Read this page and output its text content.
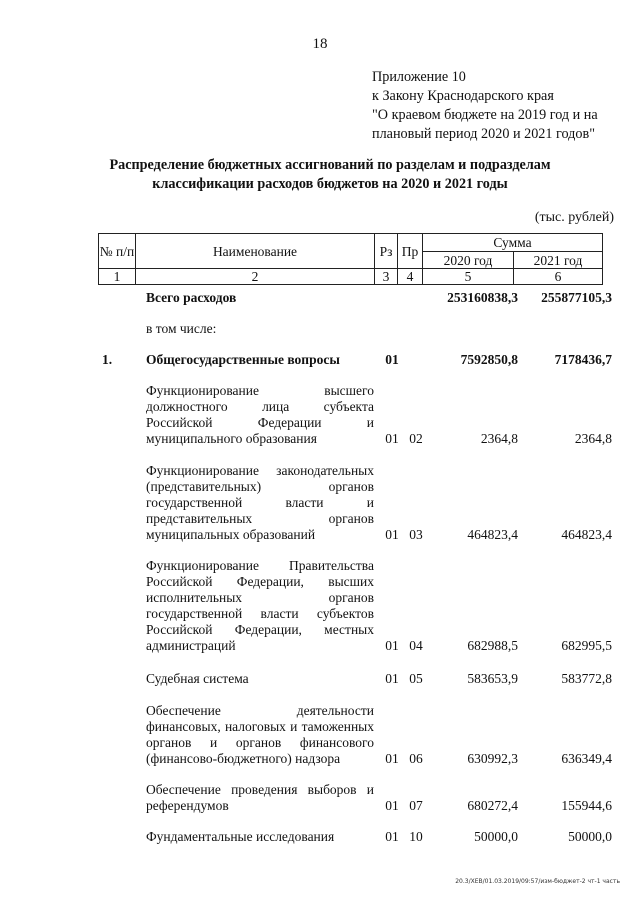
18
Приложение 10
к Закону Краснодарского края
"О краевом бюджете на 2019 год и на
плановый период 2020 и 2021 годов"
Распределение бюджетных ассигнований по разделам и подразделам
классификации расходов бюджетов на 2020 и 2021 годы
(тыс. рублей)
№ п/п	Наименование	Рз	Пр	Сумма	
				2020 год	2021 год
1	2	3	4	5	6
Всего расходов	253160838,3	255877105,3
в том числе:
1.	Общегосударственные вопросы	01	7592850,8	7178436,7
Функционирование высшего должностного лица субъекта Российской Федерации и муниципального образования	01 02	2364,8	2364,8
Функционирование законодательных (представительных) органов государственной власти и представительных органов муниципальных образований	01 03	464823,4	464823,4
Функционирование Правительства Российской Федерации, высших исполнительных органов государственной власти субъектов Российской Федерации, местных администраций	01 04	682988,5	682995,5
Судебная система	01 05	583653,9	583772,8
Обеспечение деятельности финансовых, налоговых и таможенных органов и органов финансового (финансово-бюджетного) надзора	01 06	630992,3	636349,4
Обеспечение проведения выборов и референдумов	01 07	680272,4	155944,6
Фундаментальные исследования	01 10	50000,0	50000,0
20.3/XEB/01.03.2019/09:57/изм-бюджет-2 чт-1 часть
